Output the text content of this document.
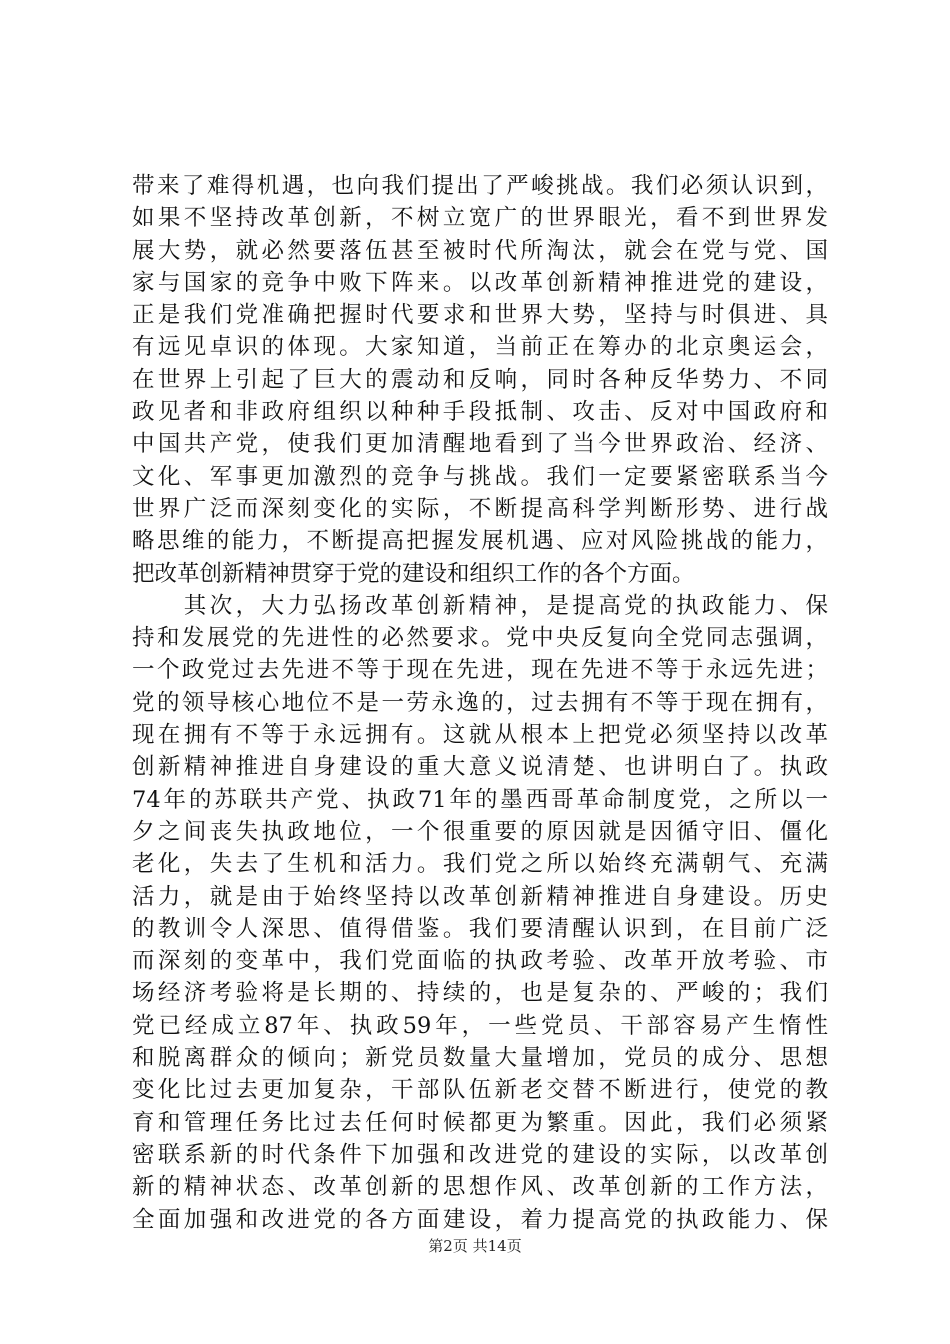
带来了难得机遇，也向我们提出了严峻挑战。我们必须认识到，
如果不坚持改革创新，不树立宽广的世界眼光，看不到世界发
展大势，就必然要落伍甚至被时代所淘汰，就会在党与党、国
家与国家的竞争中败下阵来。以改革创新精神推进党的建设，
正是我们党准确把握时代要求和世界大势，坚持与时俱进、具
有远见卓识的体现。大家知道，当前正在筹办的北京奥运会，
在世界上引起了巨大的震动和反响，同时各种反华势力、不同
政见者和非政府组织以种种手段抵制、攻击、反对中国政府和
中国共产党，使我们更加清醒地看到了当今世界政治、经济、
文化、军事更加激烈的竞争与挑战。我们一定要紧密联系当今
世界广泛而深刻变化的实际，不断提高科学判断形势、进行战
略思维的能力，不断提高把握发展机遇、应对风险挑战的能力，
把改革创新精神贯穿于党的建设和组织工作的各个方面。
　　其次，大力弘扬改革创新精神，是提高党的执政能力、保
持和发展党的先进性的必然要求。党中央反复向全党同志强调，
一个政党过去先进不等于现在先进，现在先进不等于永远先进；
党的领导核心地位不是一劳永逸的，过去拥有不等于现在拥有，
现在拥有不等于永远拥有。这就从根本上把党必须坚持以改革
创新精神推进自身建设的重大意义说清楚、也讲明白了。执政
74年的苏联共产党、执政71年的墨西哥革命制度党，之所以一
夕之间丧失执政地位，一个很重要的原因就是因循守旧、僵化
老化，失去了生机和活力。我们党之所以始终充满朝气、充满
活力，就是由于始终坚持以改革创新精神推进自身建设。历史
的教训令人深思、值得借鉴。我们要清醒认识到，在目前广泛
而深刻的变革中，我们党面临的执政考验、改革开放考验、市
场经济考验将是长期的、持续的，也是复杂的、严峻的；我们
党已经成立87年、执政59年，一些党员、干部容易产生惰性
和脱离群众的倾向；新党员数量大量增加，党员的成分、思想
变化比过去更加复杂，干部队伍新老交替不断进行，使党的教
育和管理任务比过去任何时候都更为繁重。因此，我们必须紧
密联系新的时代条件下加强和改进党的建设的实际，以改革创
新的精神状态、改革创新的思想作风、改革创新的工作方法，
全面加强和改进党的各方面建设，着力提高党的执政能力、保
第2页 共14页
